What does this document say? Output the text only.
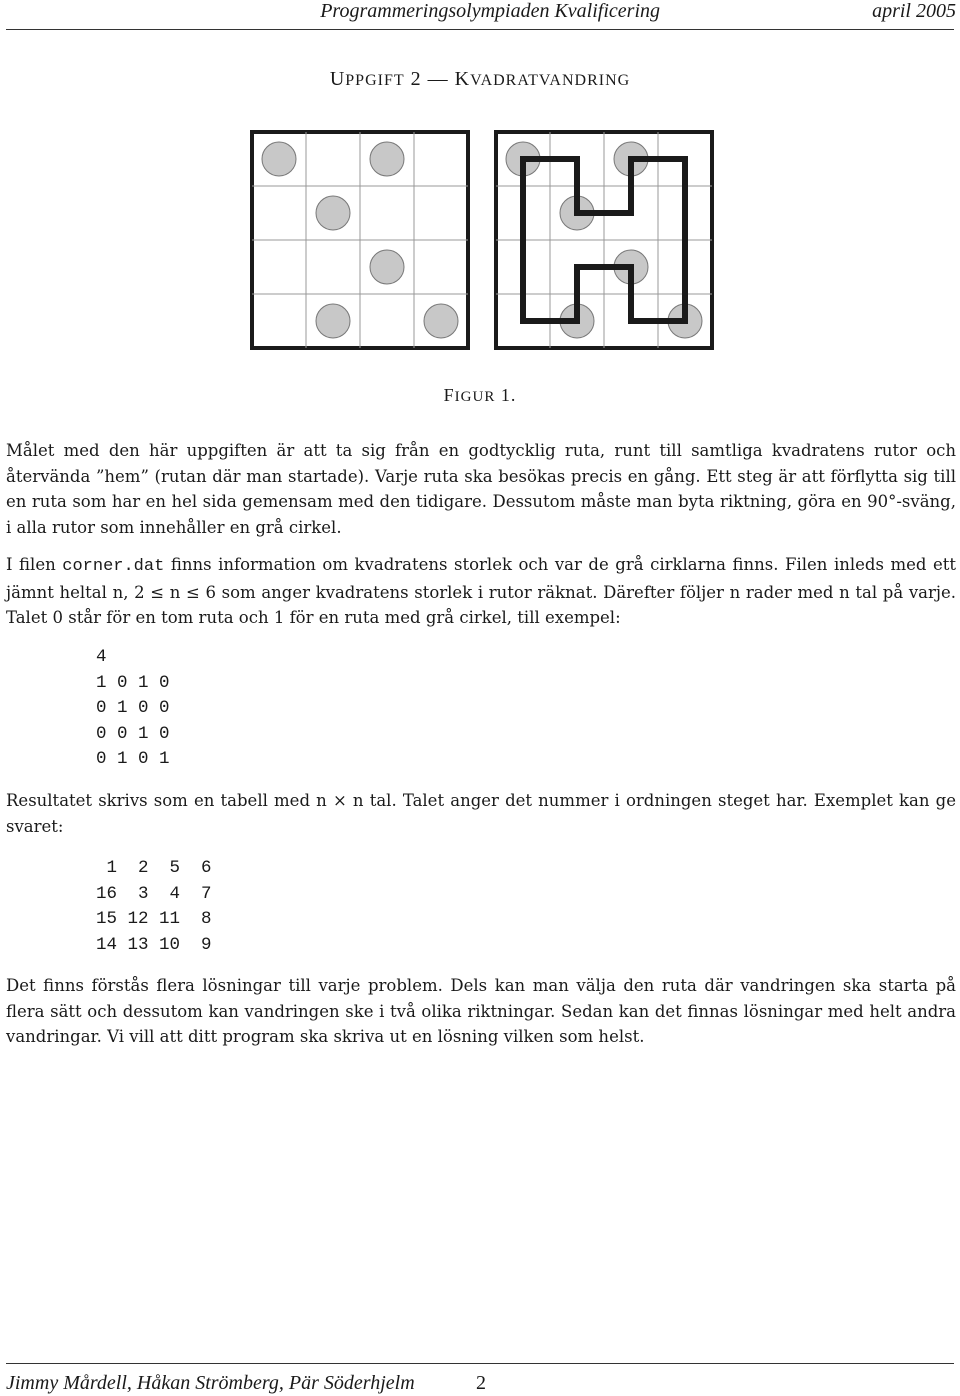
Programmeringsolympiaden Kvalificering	april 2005
UPPGIFT 2 — KVADRATVANDRING
FIGUR 1.

Målet med den här uppgiften är att ta sig från en godtycklig ruta, runt till samtliga kvadratens rutor och återvända ”hem” (rutan där man startade). Varje ruta ska besökas precis en gång. Ett steg är att förflytta sig till en ruta som har en hel sida gemensam med den tidigare. Dessutom måste man byta riktning, göra en 90°-sväng, i alla rutor som innehåller en grå cirkel.

I filen corner.dat finns information om kvadratens storlek och var de grå cirklarna finns. Filen inleds med ett jämnt heltal n, 2 ≤ n ≤ 6 som anger kvadratens storlek i rutor räknat. Därefter följer n rader med n tal på varje. Talet 0 står för en tom ruta och 1 för en ruta med grå cirkel, till exempel:

4
1 0 1 0
0 1 0 0
0 0 1 0
0 1 0 1

Resultatet skrivs som en tabell med n × n tal. Talet anger det nummer i ordningen steget har. Exemplet kan ge svaret:

1  2  5  6
16  3  4  7
15 12 11  8
14 13 10  9

Det finns förstås flera lösningar till varje problem. Dels kan man välja den ruta där vandringen ska starta på flera sätt och dessutom kan vandringen ske i två olika riktningar. Sedan kan det finnas lösningar med helt andra vandringar. Vi vill att ditt program ska skriva ut en lösning vilken som helst.

Jimmy Mårdell, Håkan Strömberg, Pär Söderhjelm	2
